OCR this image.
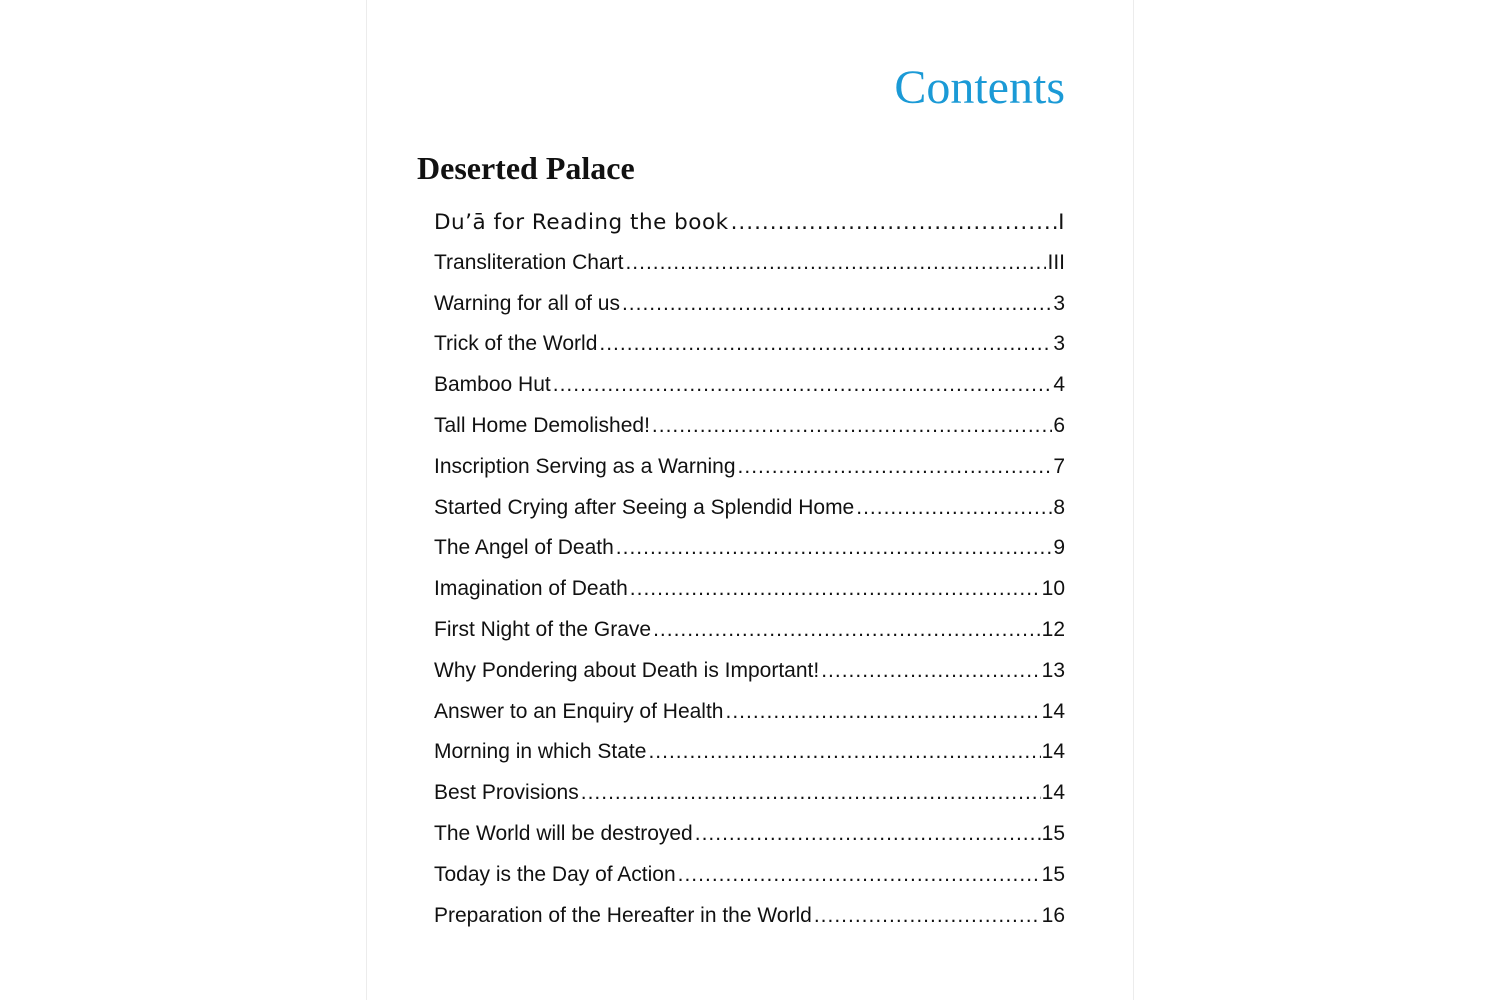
Contents
Deserted Palace
Du’ā for Reading the book .....	I
Transliteration Chart .....	III
Warning for all of us .....	3
Trick of the World .....	3
Bamboo Hut .....	4
Tall Home Demolished! .....	6
Inscription Serving as a Warning .....	7
Started Crying after Seeing a Splendid Home .....	8
The Angel of Death .....	9
Imagination of Death .....	10
First Night of the Grave .....	12
Why Pondering about Death is Important! .....	13
Answer to an Enquiry of Health .....	14
Morning in which State .....	14
Best Provisions .....	14
The World will be destroyed .....	15
Today is the Day of Action .....	15
Preparation of the Hereafter in the World .....	16
